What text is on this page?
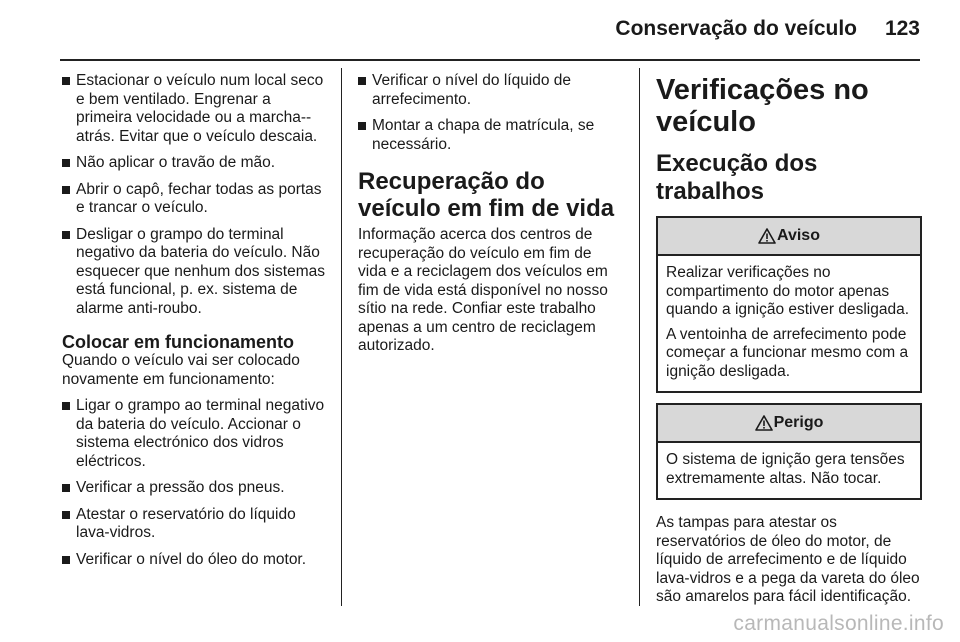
Conservação do veículo 123
Estacionar o veículo num local seco e bem ventilado. Engrenar a primeira velocidade ou a marcha--atrás. Evitar que o veículo descaia.
Não aplicar o travão de mão.
Abrir o capô, fechar todas as portas e trancar o veículo.
Desligar o grampo do terminal negativo da bateria do veículo. Não esquecer que nenhum dos sistemas está funcional, p. ex. sistema de alarme anti-roubo.
Colocar em funcionamento
Quando o veículo vai ser colocado novamente em funcionamento:
Ligar o grampo ao terminal negativo da bateria do veículo. Accionar o sistema electrónico dos vidros eléctricos.
Verificar a pressão dos pneus.
Atestar o reservatório do líquido lava-vidros.
Verificar o nível do óleo do motor.
Verificar o nível do líquido de arrefecimento.
Montar a chapa de matrícula, se necessário.
Recuperação do veículo em fim de vida
Informação acerca dos centros de recuperação do veículo em fim de vida e a reciclagem dos veículos em fim de vida está disponível no nosso sítio na rede. Confiar este trabalho apenas a um centro de reciclagem autorizado.
Verificações no veículo
Execução dos trabalhos
Aviso

Realizar verificações no compartimento do motor apenas quando a ignição estiver desligada.

A ventoinha de arrefecimento pode começar a funcionar mesmo com a ignição desligada.

Perigo

O sistema de ignição gera tensões extremamente altas. Não tocar.

As tampas para atestar os reservatórios de óleo do motor, de líquido de arrefecimento e de líquido lava-vidros e a pega da vareta do óleo são amarelos para fácil identificação.
carmanualsonline.info
